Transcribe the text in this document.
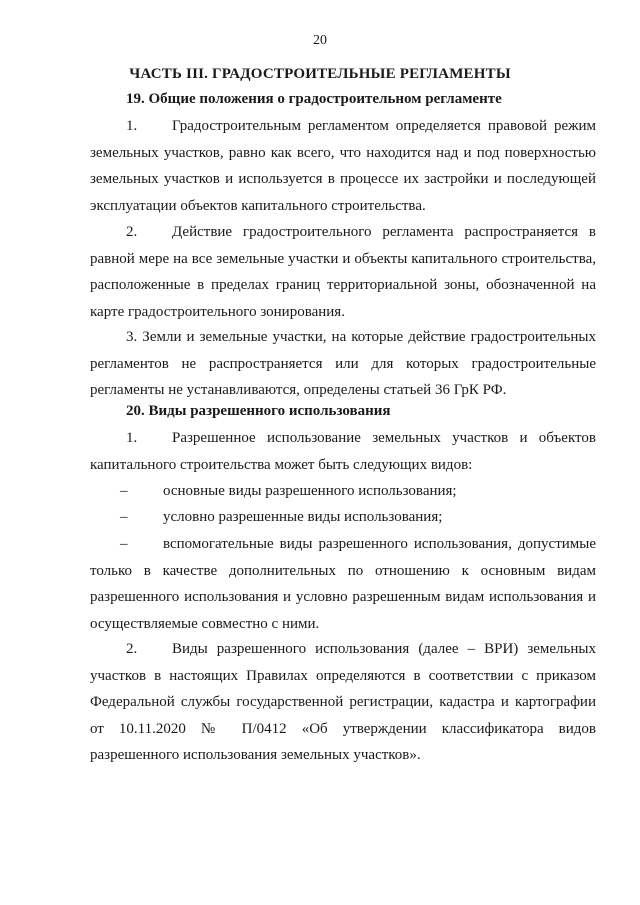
20
ЧАСТЬ III. ГРАДОСТРОИТЕЛЬНЫЕ РЕГЛАМЕНТЫ
19. Общие положения о градостроительном регламенте
1. Градостроительным регламентом определяется правовой режим земельных участков, равно как всего, что находится над и под поверхностью земельных участков и используется в процессе их застройки и последующей эксплуатации объектов капитального строительства.
2. Действие градостроительного регламента распространяется в равной мере на все земельные участки и объекты капитального строительства, расположенные в пределах границ территориальной зоны, обозначенной на карте градостроительного зонирования.
3. Земли и земельные участки, на которые действие градостроительных регламентов не распространяется или для которых градостроительные регламенты не устанавливаются, определены статьей 36 ГрК РФ.
20. Виды разрешенного использования
1. Разрешенное использование земельных участков и объектов капитального строительства может быть следующих видов:
– основные виды разрешенного использования;
– условно разрешенные виды использования;
– вспомогательные виды разрешенного использования, допустимые только в качестве дополнительных по отношению к основным видам разрешенного использования и условно разрешенным видам использования и осуществляемые совместно с ними.
2. Виды разрешенного использования (далее – ВРИ) земельных участков в настоящих Правилах определяются в соответствии с приказом Федеральной службы государственной регистрации, кадастра и картографии от 10.11.2020 № П/0412 «Об утверждении классификатора видов разрешенного использования земельных участков».
